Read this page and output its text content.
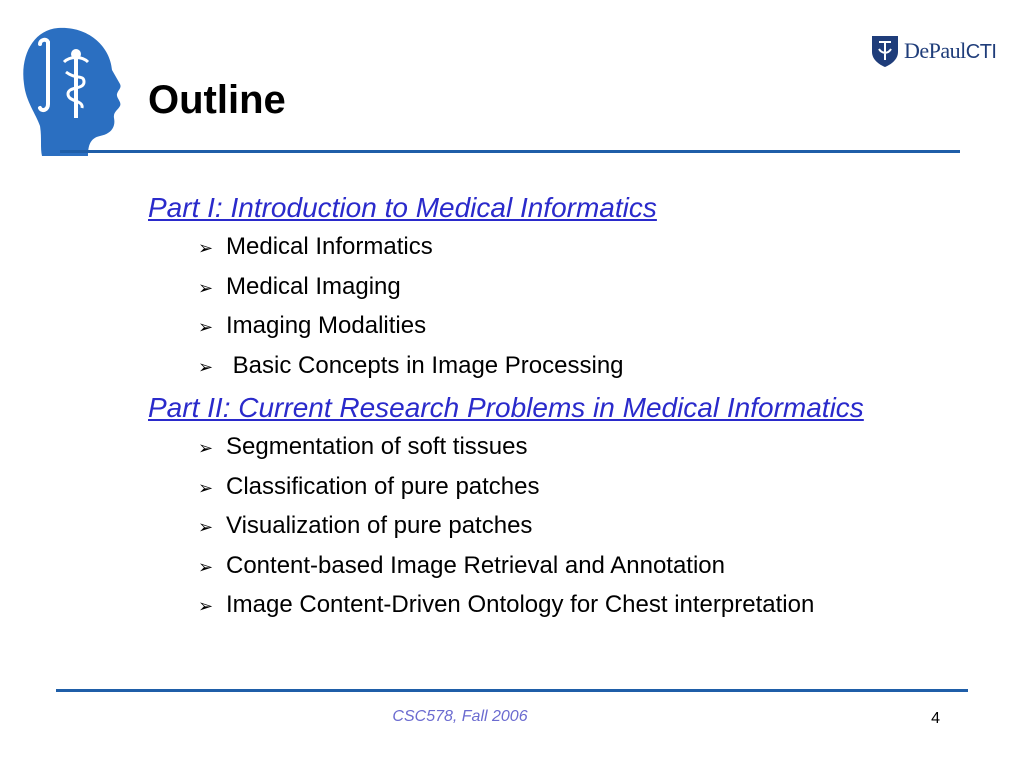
Outline
DePaulCTI

Part I: Introduction to Medical Informatics

➢ Medical Informatics
➢ Medical Imaging
➢ Imaging Modalities
➢ Basic Concepts in Image Processing

Part II: Current Research Problems in Medical Informatics

➢ Segmentation of soft tissues
➢ Classification of pure patches
➢ Visualization of pure patches
➢ Content-based Image Retrieval and Annotation
➢ Image Content-Driven Ontology for Chest interpretation
CSC578, Fall 2006	4
